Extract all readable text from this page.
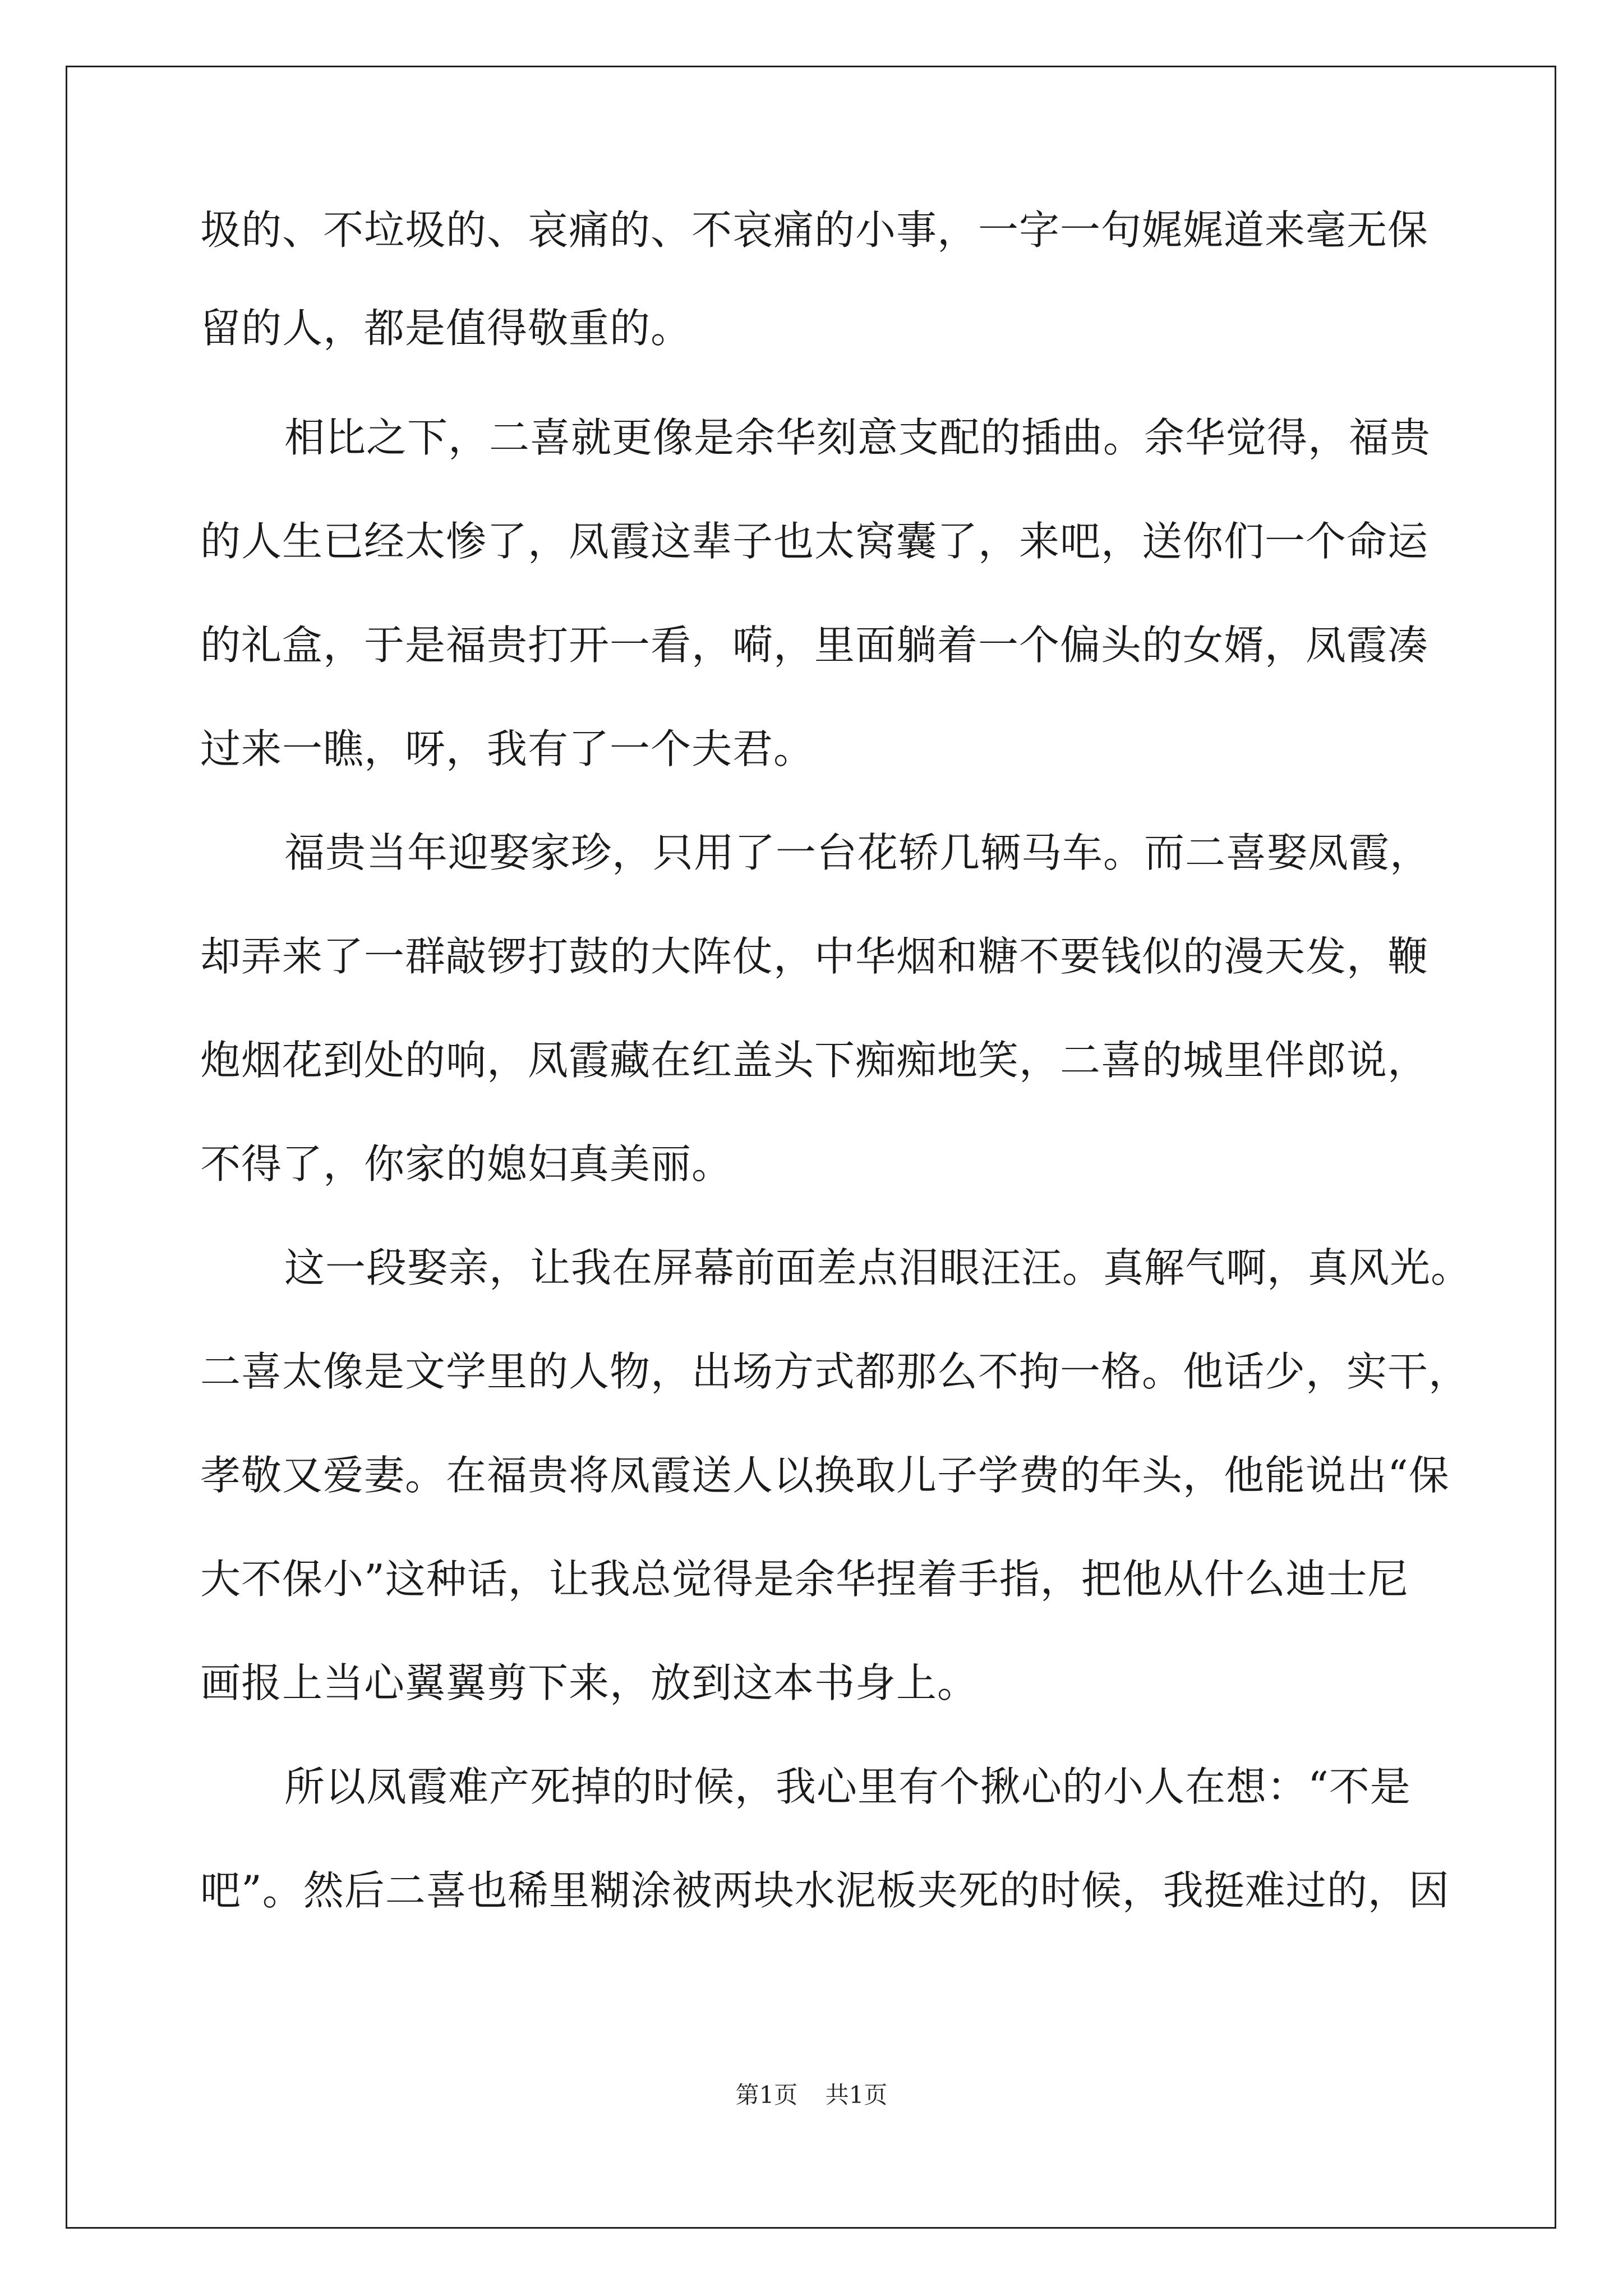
圾的、不垃圾的、哀痛的、不哀痛的小事，一字一句娓娓道来毫无保
留的人，都是值得敬重的。
相比之下，二喜就更像是余华刻意支配的插曲。余华觉得，福贵
的人生已经太惨了，凤霞这辈子也太窝囊了，来吧，送你们一个命运
的礼盒，于是福贵打开一看，嗬，里面躺着一个偏头的女婿，凤霞凑
过来一瞧，呀，我有了一个夫君。
福贵当年迎娶家珍，只用了一台花轿几辆马车。而二喜娶凤霞，
却弄来了一群敲锣打鼓的大阵仗，中华烟和糖不要钱似的漫天发，鞭
炮烟花到处的响，凤霞藏在红盖头下痴痴地笑，二喜的城里伴郎说，
不得了，你家的媳妇真美丽。
这一段娶亲，让我在屏幕前面差点泪眼汪汪。真解气啊，真风光。
二喜太像是文学里的人物，出场方式都那么不拘一格。他话少，实干，
孝敬又爱妻。在福贵将凤霞送人以换取儿子学费的年头，他能说出“保
大不保小”这种话，让我总觉得是余华捏着手指，把他从什么迪士尼
画报上当心翼翼剪下来，放到这本书身上。
所以凤霞难产死掉的时候，我心里有个揪心的小人在想：“不是
吧”。然后二喜也稀里糊涂被两块水泥板夹死的时候，我挺难过的，因
第1页 共1页
